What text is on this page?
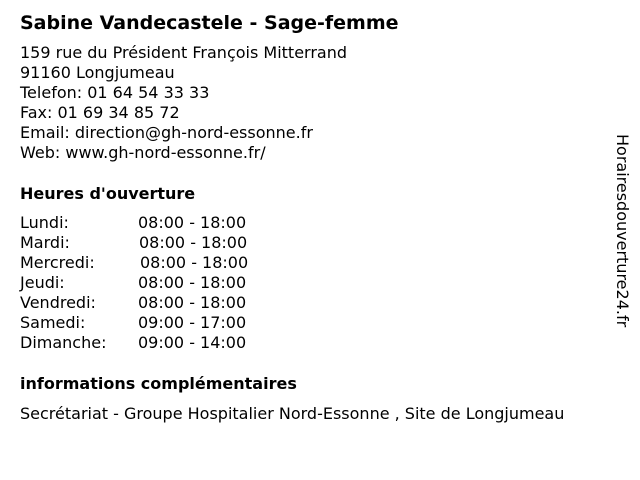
Sabine Vandecastele - Sage-femme
159 rue du Président François Mitterrand
91160 Longjumeau
Telefon: 01 64 54 33 33
Fax: 01 69 34 85 72
Email: direction@gh-nord-essonne.fr
Web: www.gh-nord-essonne.fr/
Heures d'ouverture
Lundi:	08:00 - 18:00
Mardi:	08:00 - 18:00
Mercredi:	08:00 - 18:00
Jeudi:	08:00 - 18:00
Vendredi:	08:00 - 18:00
Samedi:	09:00 - 17:00
Dimanche: 09:00 - 14:00
informations complémentaires
Secrétariat - Groupe Hospitalier Nord-Essonne , Site de Longjumeau
Horairesdouverture24.fr
